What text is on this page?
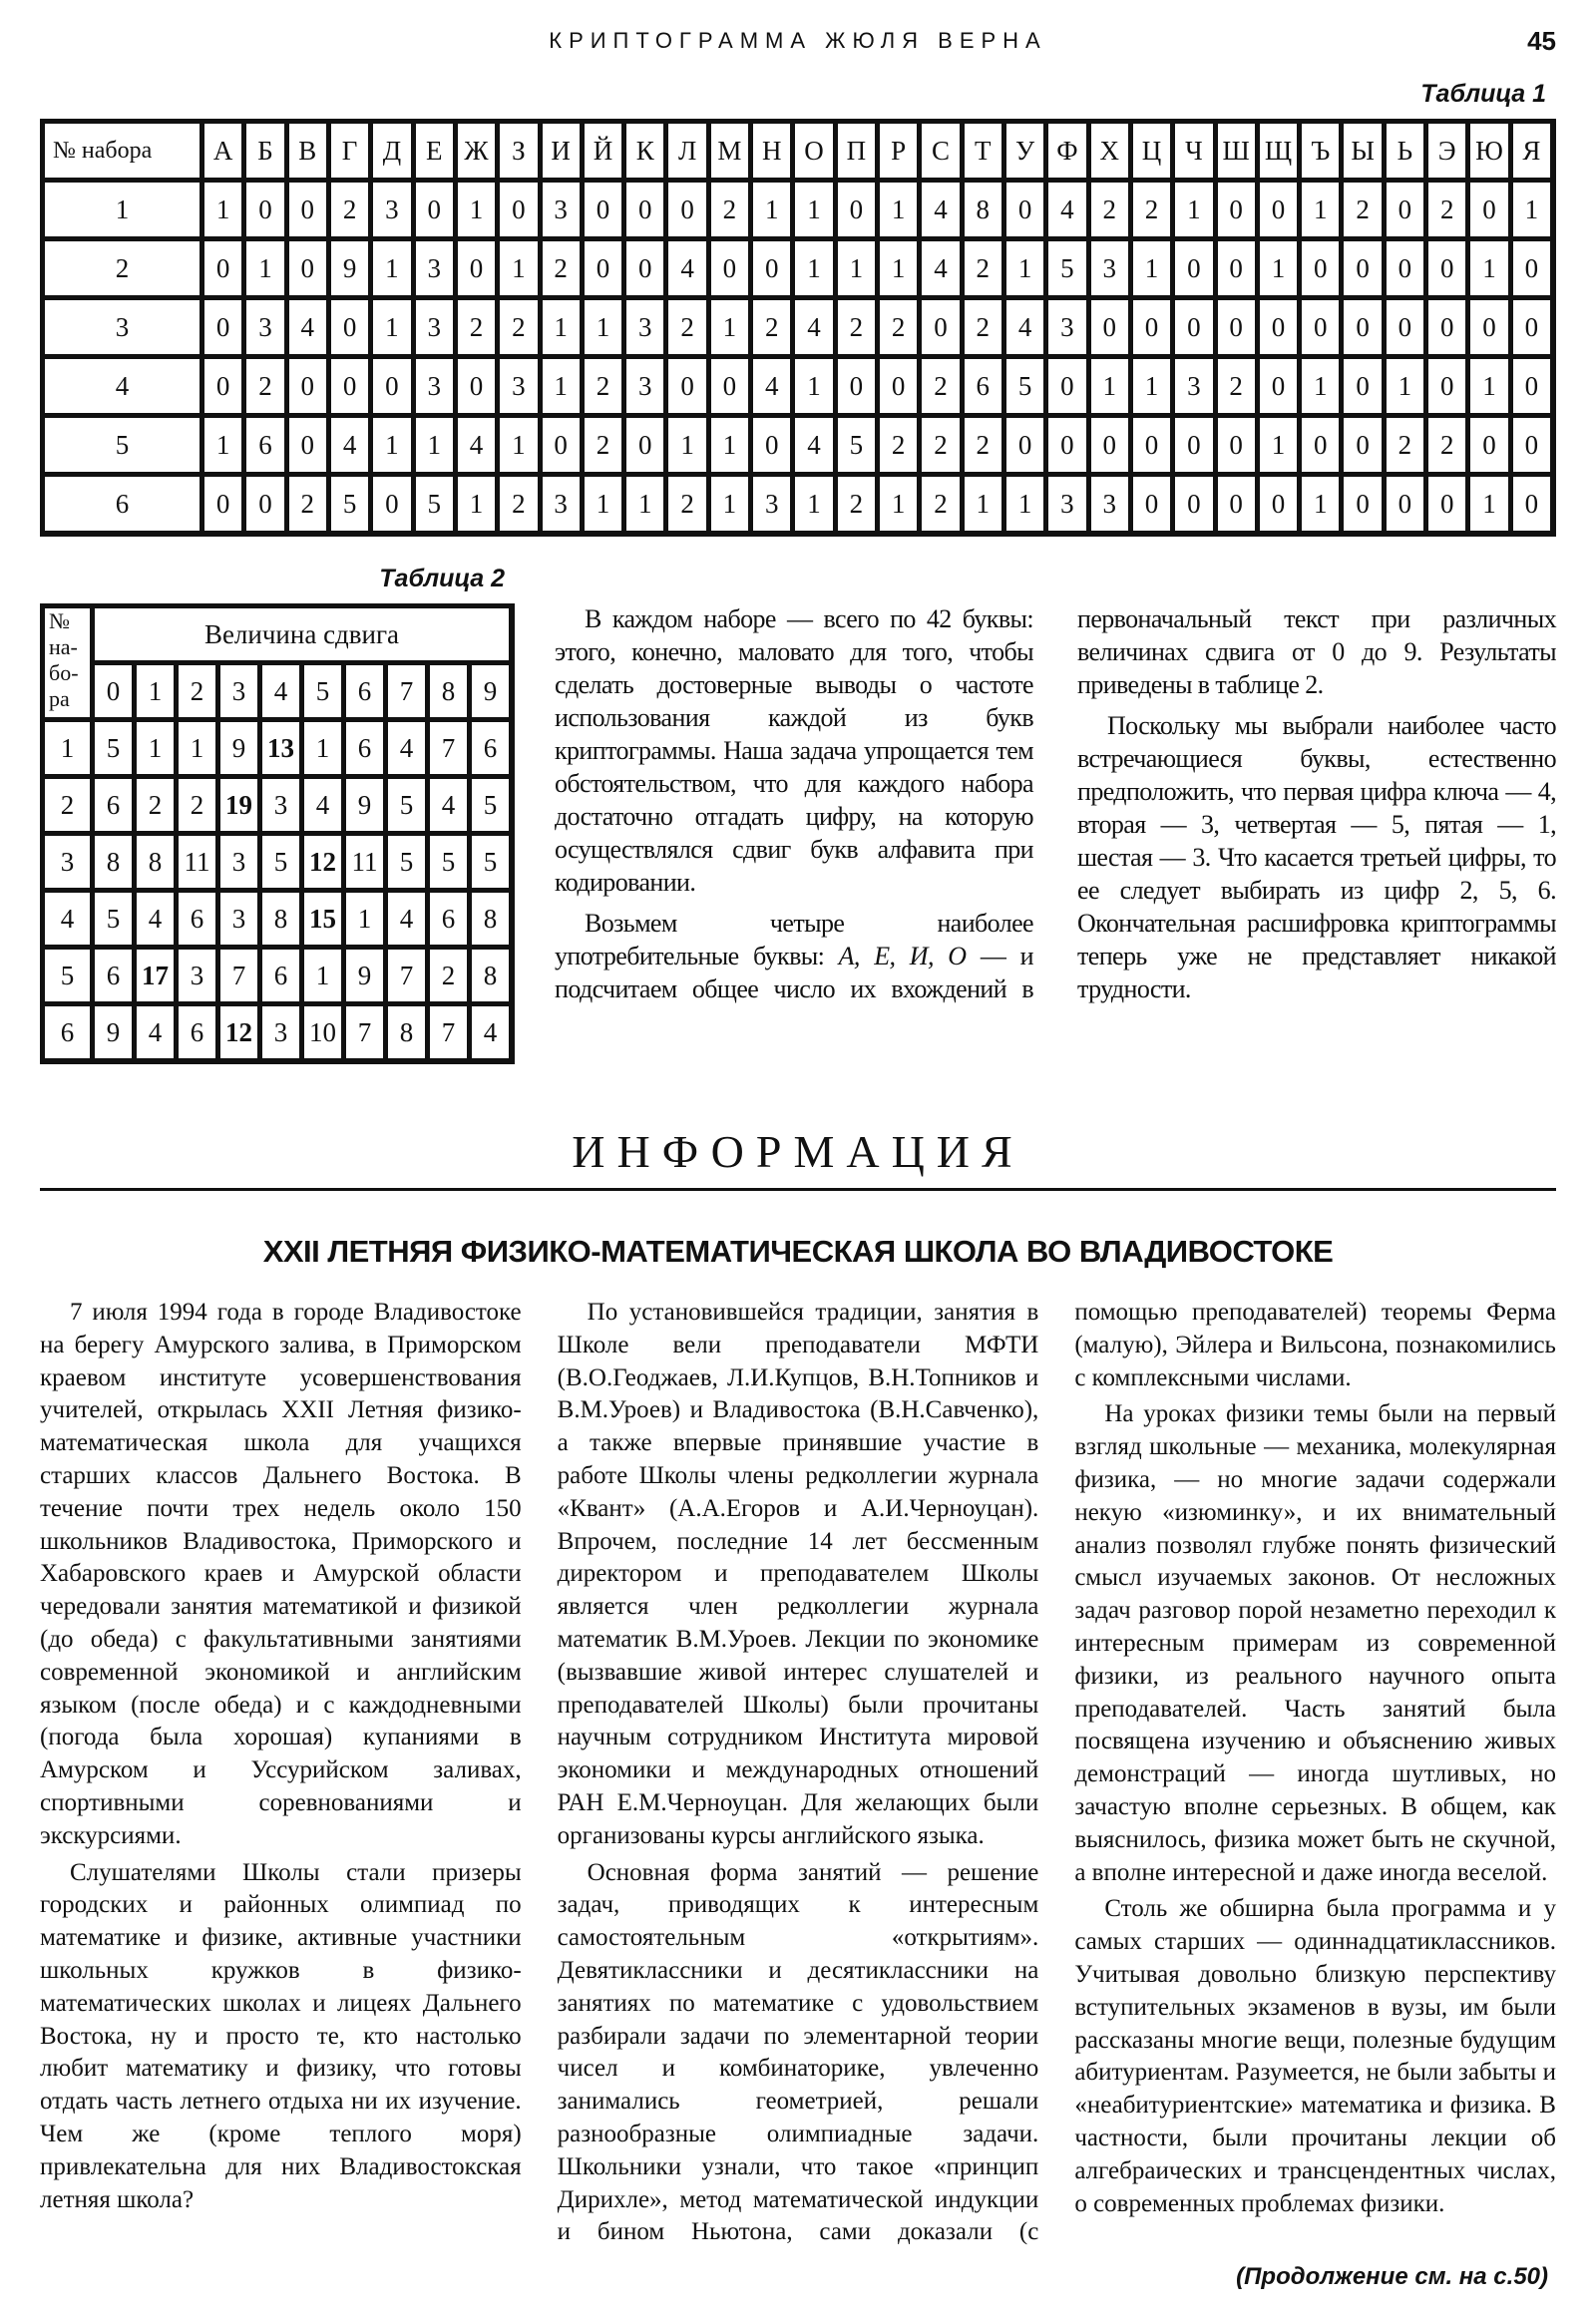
КРИПТОГРАММА ЖЮЛЯ ВЕРНА	45
Таблица 1
№ набора	А	Б	В	Г	Д	Е	Ж	З	И	Й	К	Л	М	Н	О	П	Р	С	Т	У	Ф	Х	Ц	Ч	Ш	Щ	Ъ	Ы	Ь	Э	Ю	Я
1	1	0	0	2	3	0	1	0	3	0	0	0	2	1	1	0	1	4	8	0	4	2	2	1	0	0	1	2	0	2	0	1
2	0	1	0	9	1	3	0	1	2	0	0	4	0	0	1	1	1	4	2	1	5	3	1	0	0	1	0	0	0	0	1	0
3	0	3	4	0	1	3	2	2	1	1	3	2	1	2	4	2	2	0	2	4	3	0	0	0	0	0	0	0	0	0	0	0
4	0	2	0	0	0	3	0	3	1	2	3	0	0	4	1	0	0	2	6	5	0	1	1	3	2	0	1	0	1	0	1	0
5	1	6	0	4	1	1	4	1	0	2	0	1	1	0	4	5	2	2	2	0	0	0	0	0	0	1	0	0	2	2	0	0
6	0	0	2	5	0	5	1	2	3	1	1	2	1	3	1	2	1	2	1	1	3	3	0	0	0	0	1	0	0	0	1	0
Таблица 2
№ на- бо- ра	Величина сдвига									
	0	1	2	3	4	5	6	7	8	9
1	5	1	1	9	13	1	6	4	7	6
2	6	2	2	19	3	4	9	5	4	5
3	8	8	11	3	5	12	11	5	5	5
4	5	4	6	3	8	15	1	4	6	8
5	6	17	3	7	6	1	9	7	2	8
6	9	4	6	12	3	10	7	8	7	4

В каждом наборе — всего по 42 буквы: этого, конечно, маловато для того, чтобы сделать достоверные выводы о частоте использования каждой из букв криптограммы. Наша задача упрощается тем обстоятельством, что для каждого набора достаточно отгадать цифру, на которую осуществлялся сдвиг букв алфавита при кодировании.

Возьмем четыре наиболее употребительные буквы: А, Е, И, О — и подсчитаем общее число их вхождений в первоначальный текст при различных величинах сдвига от 0 до 9. Результаты приведены в таблице 2.

Поскольку мы выбрали наиболее часто встречающиеся буквы, естественно предположить, что первая цифра ключа — 4, вторая — 3, четвертая — 5, пятая — 1, шестая — 3. Что касается третьей цифры, то ее следует выбирать из цифр 2, 5, 6. Окончательная расшифровка криптограммы теперь уже не представляет никакой трудности.

ИНФОРМАЦИЯ
XXII ЛЕТНЯЯ ФИЗИКО-МАТЕМАТИЧЕСКАЯ ШКОЛА ВО ВЛАДИВОСТОКЕ

7 июля 1994 года в городе Владивостоке на берегу Амурского залива, в Приморском краевом институте усовершенствования учителей, открылась XXII Летняя физико-математическая школа для учащихся старших классов Дальнего Востока. В течение почти трех недель около 150 школьников Владивостока, Приморского и Хабаровского краев и Амурской области чередовали занятия математикой и физикой (до обеда) с факультативными занятиями современной экономикой и английским языком (после обеда) и с каждодневными (погода была хорошая) купаниями в Амурском и Уссурийском заливах, спортивными соревнованиями и экскурсиями.

Слушателями Школы стали призеры городских и районных олимпиад по математике и физике, активные участники школьных кружков в физико-математических школах и лицеях Дальнего Востока, ну и просто те, кто настолько любит математику и физику, что готовы отдать часть летнего отдыха ни их изучение. Чем же (кроме теплого моря) привлекательна для них Владивостокская летняя школа?

По установившейся традиции, занятия в Школе вели преподаватели МФТИ (В.О.Геоджаев, Л.И.Купцов, В.Н.Топников и В.М.Уроев) и Владивостока (В.Н.Савченко), а также впервые принявшие участие в работе Школы члены редколлегии журнала «Квант» (А.А.Егоров и А.И.Черноуцан). Впрочем, последние 14 лет бессменным директором и преподавателем Школы является член редколлегии журнала математик В.М.Уроев. Лекции по экономике (вызвавшие живой интерес слушателей и преподавателей Школы) были прочитаны научным сотрудником Института мировой экономики и международных отношений РАН Е.М.Черноуцан. Для желающих были организованы курсы английского языка.

Основная форма занятий — решение задач, приводящих к интересным самостоятельным «открытиям». Девятиклассники и десятиклассники на занятиях по математике с удовольствием разбирали задачи по элементарной теории чисел и комбинаторике, увлеченно занимались геометрией, решали разнообразные олимпиадные задачи. Школьники узнали, что такое «принцип Дирихле», метод математической индукции и бином Ньютона, сами доказали (с помощью преподавателей) теоремы Ферма (малую), Эйлера и Вильсона, познакомились с комплексными числами.

На уроках физики темы были на первый взгляд школьные — механика, молекулярная физика, — но многие задачи содержали некую «изюминку», и их внимательный анализ позволял глубже понять физический смысл изучаемых законов. От несложных задач разговор порой незаметно переходил к интересным примерам из современной физики, из реального научного опыта преподавателей. Часть занятий была посвящена изучению и объяснению живых демонстраций — иногда шутливых, но зачастую вполне серьезных. В общем, как выяснилось, физика может быть не скучной, а вполне интересной и даже иногда веселой.

Столь же обширна была программа и у самых старших — одиннадцатиклассников. Учитывая довольно близкую перспективу вступительных экзаменов в вузы, им были рассказаны многие вещи, полезные будущим абитуриентам. Разумеется, не были забыты и «неабитуриентские» математика и физика. В частности, были прочитаны лекции об алгебраических и трансцендентных числах, о современных проблемах физики.

(Продолжение см. на с.50)
